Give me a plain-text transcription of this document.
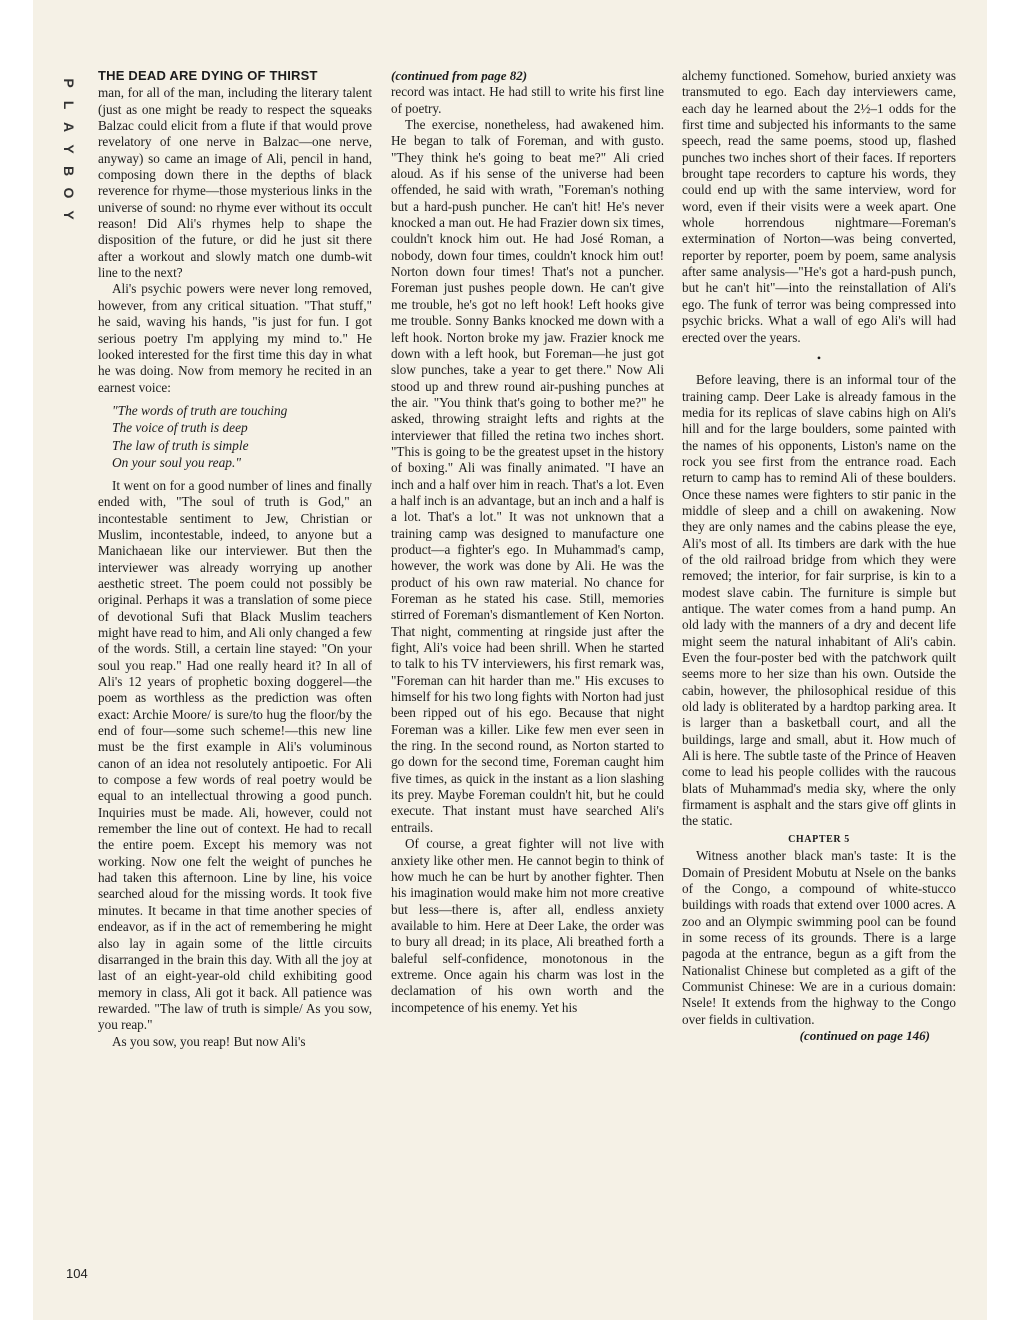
P
L
A
Y
B
O
Y
104
THE DEAD ARE DYING OF THIRST

man, for all of the man, including the literary talent (just as one might be ready to respect the squeaks Balzac could elicit from a flute if that would prove revelatory of one nerve in Balzac—one nerve, anyway) so came an image of Ali, pencil in hand, composing down there in the depths of black reverence for rhyme—those mysterious links in the universe of sound: no rhyme ever without its occult reason! Did Ali's rhymes help to shape the disposition of the future, or did he just sit there after a workout and slowly match one dumb-wit line to the next?

Ali's psychic powers were never long removed, however, from any critical situation. "That stuff," he said, waving his hands, "is just for fun. I got serious poetry I'm applying my mind to." He looked interested for the first time this day in what he was doing. Now from memory he recited in an earnest voice:

"The words of truth are touching
The voice of truth is deep
The law of truth is simple
On your soul you reap."

It went on for a good number of lines and finally ended with, "The soul of truth is God," an incontestable sentiment to Jew, Christian or Muslim, incontestable, indeed, to anyone but a Manichaean like our interviewer. But then the interviewer was already worrying up another aesthetic street. The poem could not possibly be original. Perhaps it was a translation of some piece of devotional Sufi that Black Muslim teachers might have read to him, and Ali only changed a few of the words. Still, a certain line stayed: "On your soul you reap." Had one really heard it? In all of Ali's 12 years of prophetic boxing doggerel—the poem as worthless as the prediction was often exact: Archie Moore/ is sure/to hug the floor/by the end of four—some such scheme!—this new line must be the first example in Ali's voluminous canon of an idea not resolutely antipoetic. For Ali to compose a few words of real poetry would be equal to an intellectual throwing a good punch. Inquiries must be made. Ali, however, could not remember the line out of context. He had to recall the entire poem. Except his memory was not working. Now one felt the weight of punches he had taken this afternoon. Line by line, his voice searched aloud for the missing words. It took five minutes. It became in that time another species of endeavor, as if in the act of remembering he might also lay in again some of the little circuits disarranged in the brain this day. With all the joy at last of an eight-year-old child exhibiting good memory in class, Ali got it back. All patience was rewarded. "The law of truth is simple/ As you sow, you reap."

As you sow, you reap! But now Ali's

(continued from page 82)

record was intact. He had still to write his first line of poetry.

The exercise, nonetheless, had awakened him. He began to talk of Foreman, and with gusto. "They think he's going to beat me?" Ali cried aloud. As if his sense of the universe had been offended, he said with wrath, "Foreman's nothing but a hard-push puncher. He can't hit! He's never knocked a man out. He had Frazier down six times, couldn't knock him out. He had José Roman, a nobody, down four times, couldn't knock him out! Norton down four times! That's not a puncher. Foreman just pushes people down. He can't give me trouble, he's got no left hook! Left hooks give me trouble. Sonny Banks knocked me down with a left hook. Norton broke my jaw. Frazier knock me down with a left hook, but Foreman—he just got slow punches, take a year to get there." Now Ali stood up and threw round air-pushing punches at the air. "You think that's going to bother me?" he asked, throwing straight lefts and rights at the interviewer that filled the retina two inches short. "This is going to be the greatest upset in the history of boxing." Ali was finally animated. "I have an inch and a half over him in reach. That's a lot. Even a half inch is an advantage, but an inch and a half is a lot. That's a lot." It was not unknown that a training camp was designed to manufacture one product—a fighter's ego. In Muhammad's camp, however, the work was done by Ali. He was the product of his own raw material. No chance for Foreman as he stated his case. Still, memories stirred of Foreman's dismantlement of Ken Norton. That night, commenting at ringside just after the fight, Ali's voice had been shrill. When he started to talk to his TV interviewers, his first remark was, "Foreman can hit harder than me." His excuses to himself for his two long fights with Norton had just been ripped out of his ego. Because that night Foreman was a killer. Like few men ever seen in the ring. In the second round, as Norton started to go down for the second time, Foreman caught him five times, as quick in the instant as a lion slashing its prey. Maybe Foreman couldn't hit, but he could execute. That instant must have searched Ali's entrails.

Of course, a great fighter will not live with anxiety like other men. He cannot begin to think of how much he can be hurt by another fighter. Then his imagination would make him not more creative but less—there is, after all, endless anxiety available to him. Here at Deer Lake, the order was to bury all dread; in its place, Ali breathed forth a baleful self-confidence, monotonous in the extreme. Once again his charm was lost in the declamation of his own worth and the incompetence of his enemy. Yet his

alchemy functioned. Somehow, buried anxiety was transmuted to ego. Each day interviewers came, each day he learned about the 2½–1 odds for the first time and subjected his informants to the same speech, read the same poems, stood up, flashed punches two inches short of their faces. If reporters brought tape recorders to capture his words, they could end up with the same interview, word for word, even if their visits were a week apart. One whole horrendous nightmare—Foreman's extermination of Norton—was being converted, reporter by reporter, poem by poem, same analysis after same analysis—"He's got a hard-push punch, but he can't hit"—into the reinstallation of Ali's ego. The funk of terror was being compressed into psychic bricks. What a wall of ego Ali's will had erected over the years.

•

Before leaving, there is an informal tour of the training camp. Deer Lake is already famous in the media for its replicas of slave cabins high on Ali's hill and for the large boulders, some painted with the names of his opponents, Liston's name on the rock you see first from the entrance road. Each return to camp has to remind Ali of these boulders. Once these names were fighters to stir panic in the middle of sleep and a chill on awakening. Now they are only names and the cabins please the eye, Ali's most of all. Its timbers are dark with the hue of the old railroad bridge from which they were removed; the interior, for fair surprise, is kin to a modest slave cabin. The furniture is simple but antique. The water comes from a hand pump. An old lady with the manners of a dry and decent life might seem the natural inhabitant of Ali's cabin. Even the four-poster bed with the patchwork quilt seems more to her size than his own. Outside the cabin, however, the philosophical residue of this old lady is obliterated by a hardtop parking area. It is larger than a basketball court, and all the buildings, large and small, abut it. How much of Ali is here. The subtle taste of the Prince of Heaven come to lead his people collides with the raucous blats of Muhammad's media sky, where the only firmament is asphalt and the stars give off glints in the static.

CHAPTER 5

Witness another black man's taste: It is the Domain of President Mobutu at Nsele on the banks of the Congo, a compound of white-stucco buildings with roads that extend over 1000 acres. A zoo and an Olympic swimming pool can be found in some recess of its grounds. There is a large pagoda at the entrance, begun as a gift from the Nationalist Chinese but completed as a gift of the Communist Chinese: We are in a curious domain: Nsele! It extends from the highway to the Congo over fields in cultivation.

(continued on page 146)
